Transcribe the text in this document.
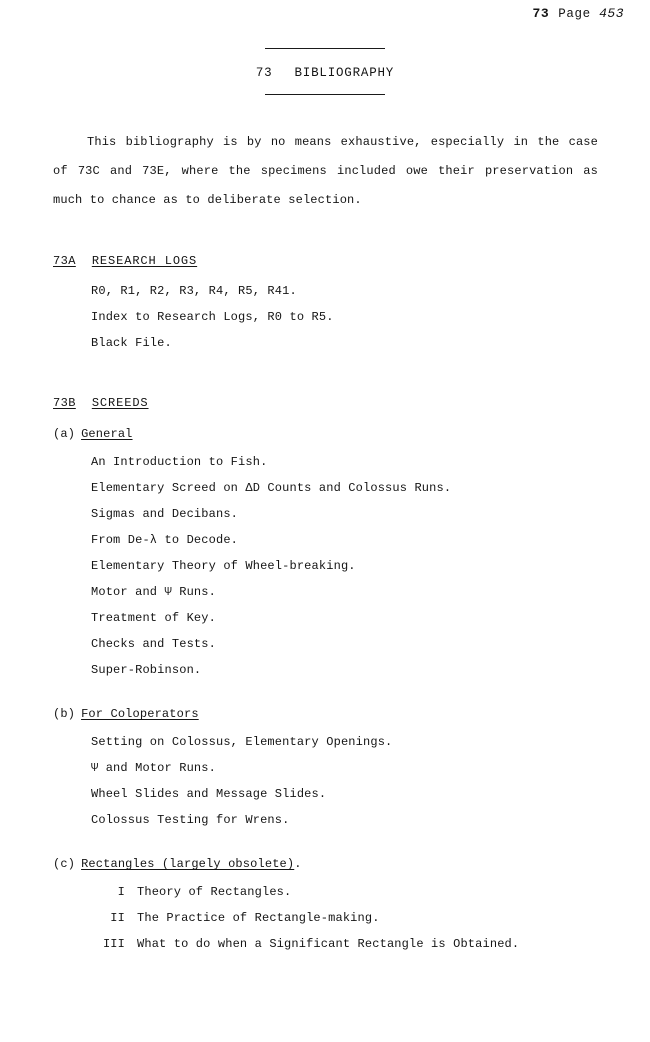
73 Page 453
73 BIBLIOGRAPHY

This bibliography is by no means exhaustive, especially in the case of 73C and 73E, where the specimens included owe their preservation as much to chance as to deliberate selection.

73A RESEARCH LOGS

R0, R1, R2, R3, R4, R5, R41.
Index to Research Logs, R0 to R5.
Black File.

73B SCREEDS

(a) General

An Introduction to Fish.
Elementary Screed on ΔD Counts and Colossus Runs.
Sigmas and Decibans.
From De-λ to Decode.
Elementary Theory of Wheel-breaking.
Motor and Ψ Runs.
Treatment of Key.
Checks and Tests.
Super-Robinson.

(b) For Coloperators

Setting on Colossus, Elementary Openings.
Ψ and Motor Runs.
Wheel Slides and Message Slides.
Colossus Testing for Wrens.

(c) Rectangles (largely obsolete).

I Theory of Rectangles.
II The Practice of Rectangle-making.
III What to do when a Significant Rectangle is Obtained.
